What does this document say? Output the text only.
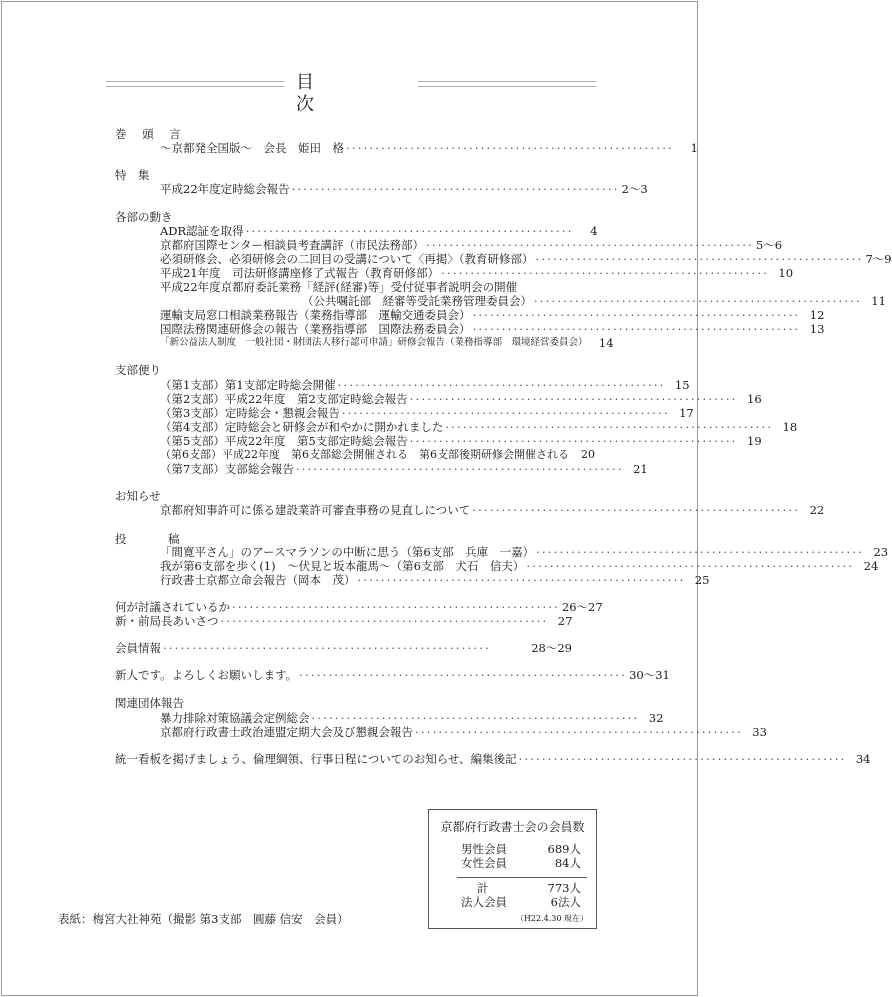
目 次
巻 頭 言
～京都発全国版～　会長　姫田　格 ························································	1
特　集
平成22年度定時総会報告 ························································ 2～3
各部の動き
ADR認証を取得 ························································	4
京都府国際センター相談員考査講評（市民法務部） ························································ 5～6
必須研修会、必須研修会の二回目の受講について〈再掲〉（教育研修部） ························································ 7～9
平成21年度　司法研修講座修了式報告（教育研修部） ························································ 10
平成22年度京都府委託業務「経評(経審)等」受付従事者説明会の開催
（公共嘱託部　経審等受託業務管理委員会） ························································ 11
運輸支局窓口相談業務報告（業務指導部　運輸交通委員会） ························································ 12
国際法務関連研修会の報告（業務指導部　国際法務委員会） ························································ 13
「新公益法人制度　一般社団・財団法人移行認可申請」研修会報告（業務指導部　環境経営委員会） 14
支部便り
（第1支部）第1支部定時総会開催 ························································ 15
（第2支部）平成22年度　第2支部定時総会報告 ························································ 16
（第3支部）定時総会・懇親会報告 ························································ 17
（第4支部）定時総会と研修会が和やかに開かれました ························································ 18
（第5支部）平成22年度　第5支部定時総会報告 ························································ 19
（第6支部）平成22年度　第6支部総会開催される　第6支部後期研修会開催される	20
（第7支部）支部総会報告 ························································ 21
お知らせ
京都府知事許可に係る建設業許可審査事務の見直しについて ························································ 22
投　稿
「間寛平さん」のアースマラソンの中断に思う（第6支部　兵庫　一嘉） ························································ 23
我が第6支部を歩く(1)　～伏見と坂本龍馬～（第6支部　犬石　信夫） ························································ 24
行政書士京都立命会報告（岡本　茂） ························································ 25
何が討議されているか ························································ 26～27
新・前局長あいさつ ························································ 27
会員情報 ························································	28～29
新人です。よろしくお願いします。 ························································ 30～31
関連団体報告
暴力排除対策協議会定例総会 ························································ 32
京都府行政書士政治連盟定期大会及び懇親会報告 ························································ 33
統一看板を掲げましょう、倫理綱領、行事日程についてのお知らせ、編集後記 ························································ 34
京都府行政書士会の会員数
男性会員	689人
女性会員	84人
計	773人
法人会員	6法人
（H22.4.30 現在）
表紙：梅宮大社神苑（撮影 第3支部　圓藤 信安　会員）
